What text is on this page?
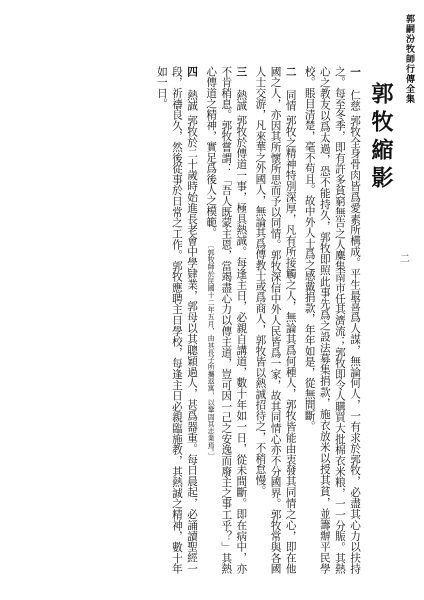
郭嗣汾牧師行傳全集
二
郭牧縮影
一 仁慈 郭牧全身骨肉皆爲愛素所構成。平生最喜爲人謀，無論何人，一有求於郭牧，必盡其心力以扶持之。每至冬季，即有許多貧窮無告之人麋集南市任其濟流；郭牧即令人購買大批棉衣米粮，一一分賑。其熱心之教友以爲太過，恐不能持久，郭牧即照此事先爲之設法募集捐款，施衣放米以授其貧，並籌辦平民學校。賬目清楚，毫不苟且。故中外人士爲之感戴捐款，年年如是，從無間斷。
二 同情 郭牧之精神特別深厚，凡有所接觸之人，無論其爲何種人，郭牧皆能由衷發其同情之心，即在他國之人，亦因其所懷所思而予以同情。郭牧深信中外人民皆爲一家，故其同情心亦不分國界。郭牧常與各國人士交游，凡來華之外國人，無論其爲傳教士或爲商人，郭牧皆以熱誠招待之，不稍怠慢。
三 熱誠 郭牧於傳道一事，極具熱誠。每逢主日，必親自講道，數十年如一日，從未間斷。即在病中，亦不肯稍息。郭牧嘗謂：「吾人既蒙主恩，當竭盡心力以傳主道，豈可因一己之安逸而廢主之事工乎？」其熱心傳道之精神，實足爲後人之模範。 〔郭牧師於民國十二年五月，由其長子所攜返寓，以鞏固其志業焉。〕
四 熱誠 郭牧於二十歲時始進長老會中學肄業，郭母以其聰穎過人，甚爲器重。每日晨起，必誦讀聖經一段，祈禱良久，然後從事於日常之工作。郭牧應聘主日學校，每逢主日必親臨施教，其熱誠之精神，數十年如一日。
